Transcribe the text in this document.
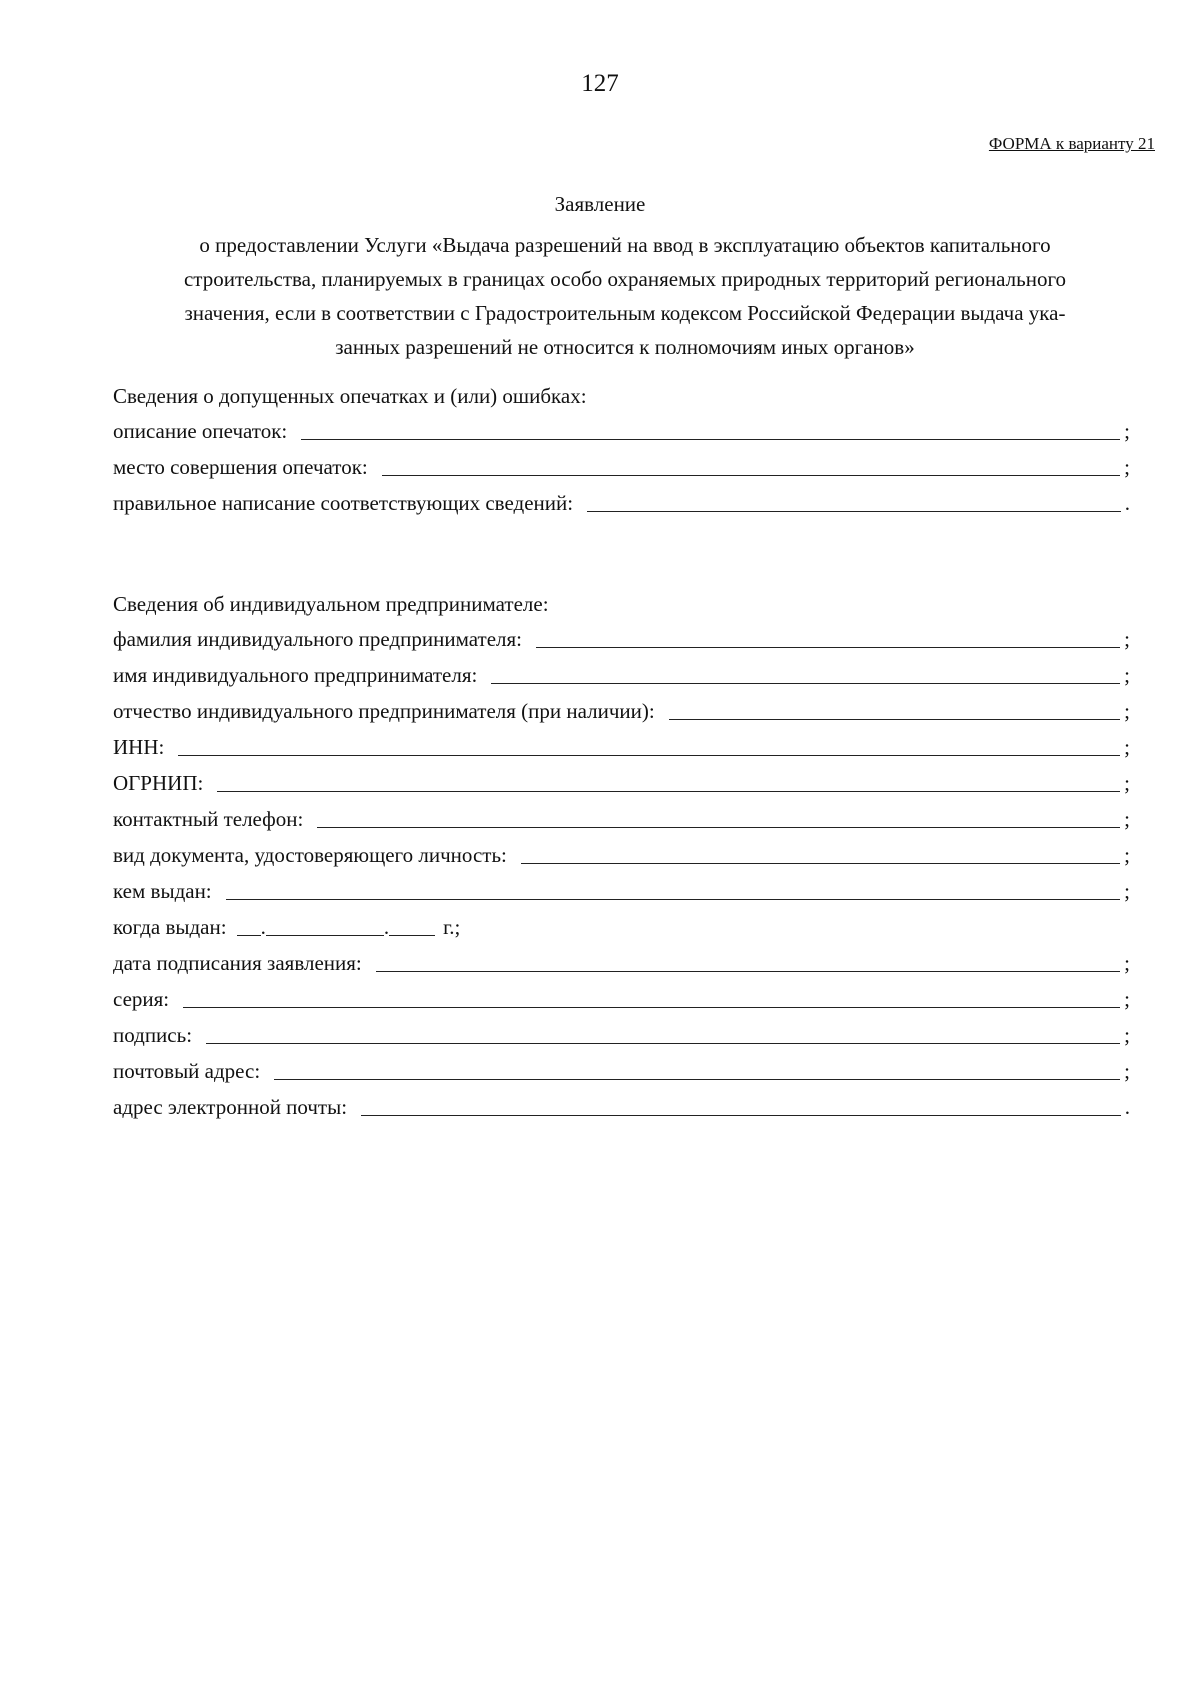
127
ФОРМА к варианту 21
Заявление
о предоставлении Услуги «Выдача разрешений на ввод в эксплуатацию объектов капитального
строительства, планируемых в границах особо охраняемых природных территорий регионального
значения, если в соответствии с Градостроительным кодексом Российской Федерации выдача ука-
занных разрешений не относится к полномочиям иных органов»
Сведения о допущенных опечатках и (или) ошибках:
описание опечаток:	;
место совершения опечаток:	;
правильное написание соответствующих сведений:	.
Сведения об индивидуальном предпринимателе:
фамилия индивидуального предпринимателя:	;
имя индивидуального предпринимателя:	;
отчество индивидуального предпринимателя (при наличии):	;
ИНН:	;
ОГРНИП:	;
контактный телефон:	;
вид документа, удостоверяющего личность:	;
кем выдан:	;
когда выдан: .	.	г.;
дата подписания заявления:	;
серия:	;
подпись:	;
почтовый адрес:	;
адрес электронной почты:	.
